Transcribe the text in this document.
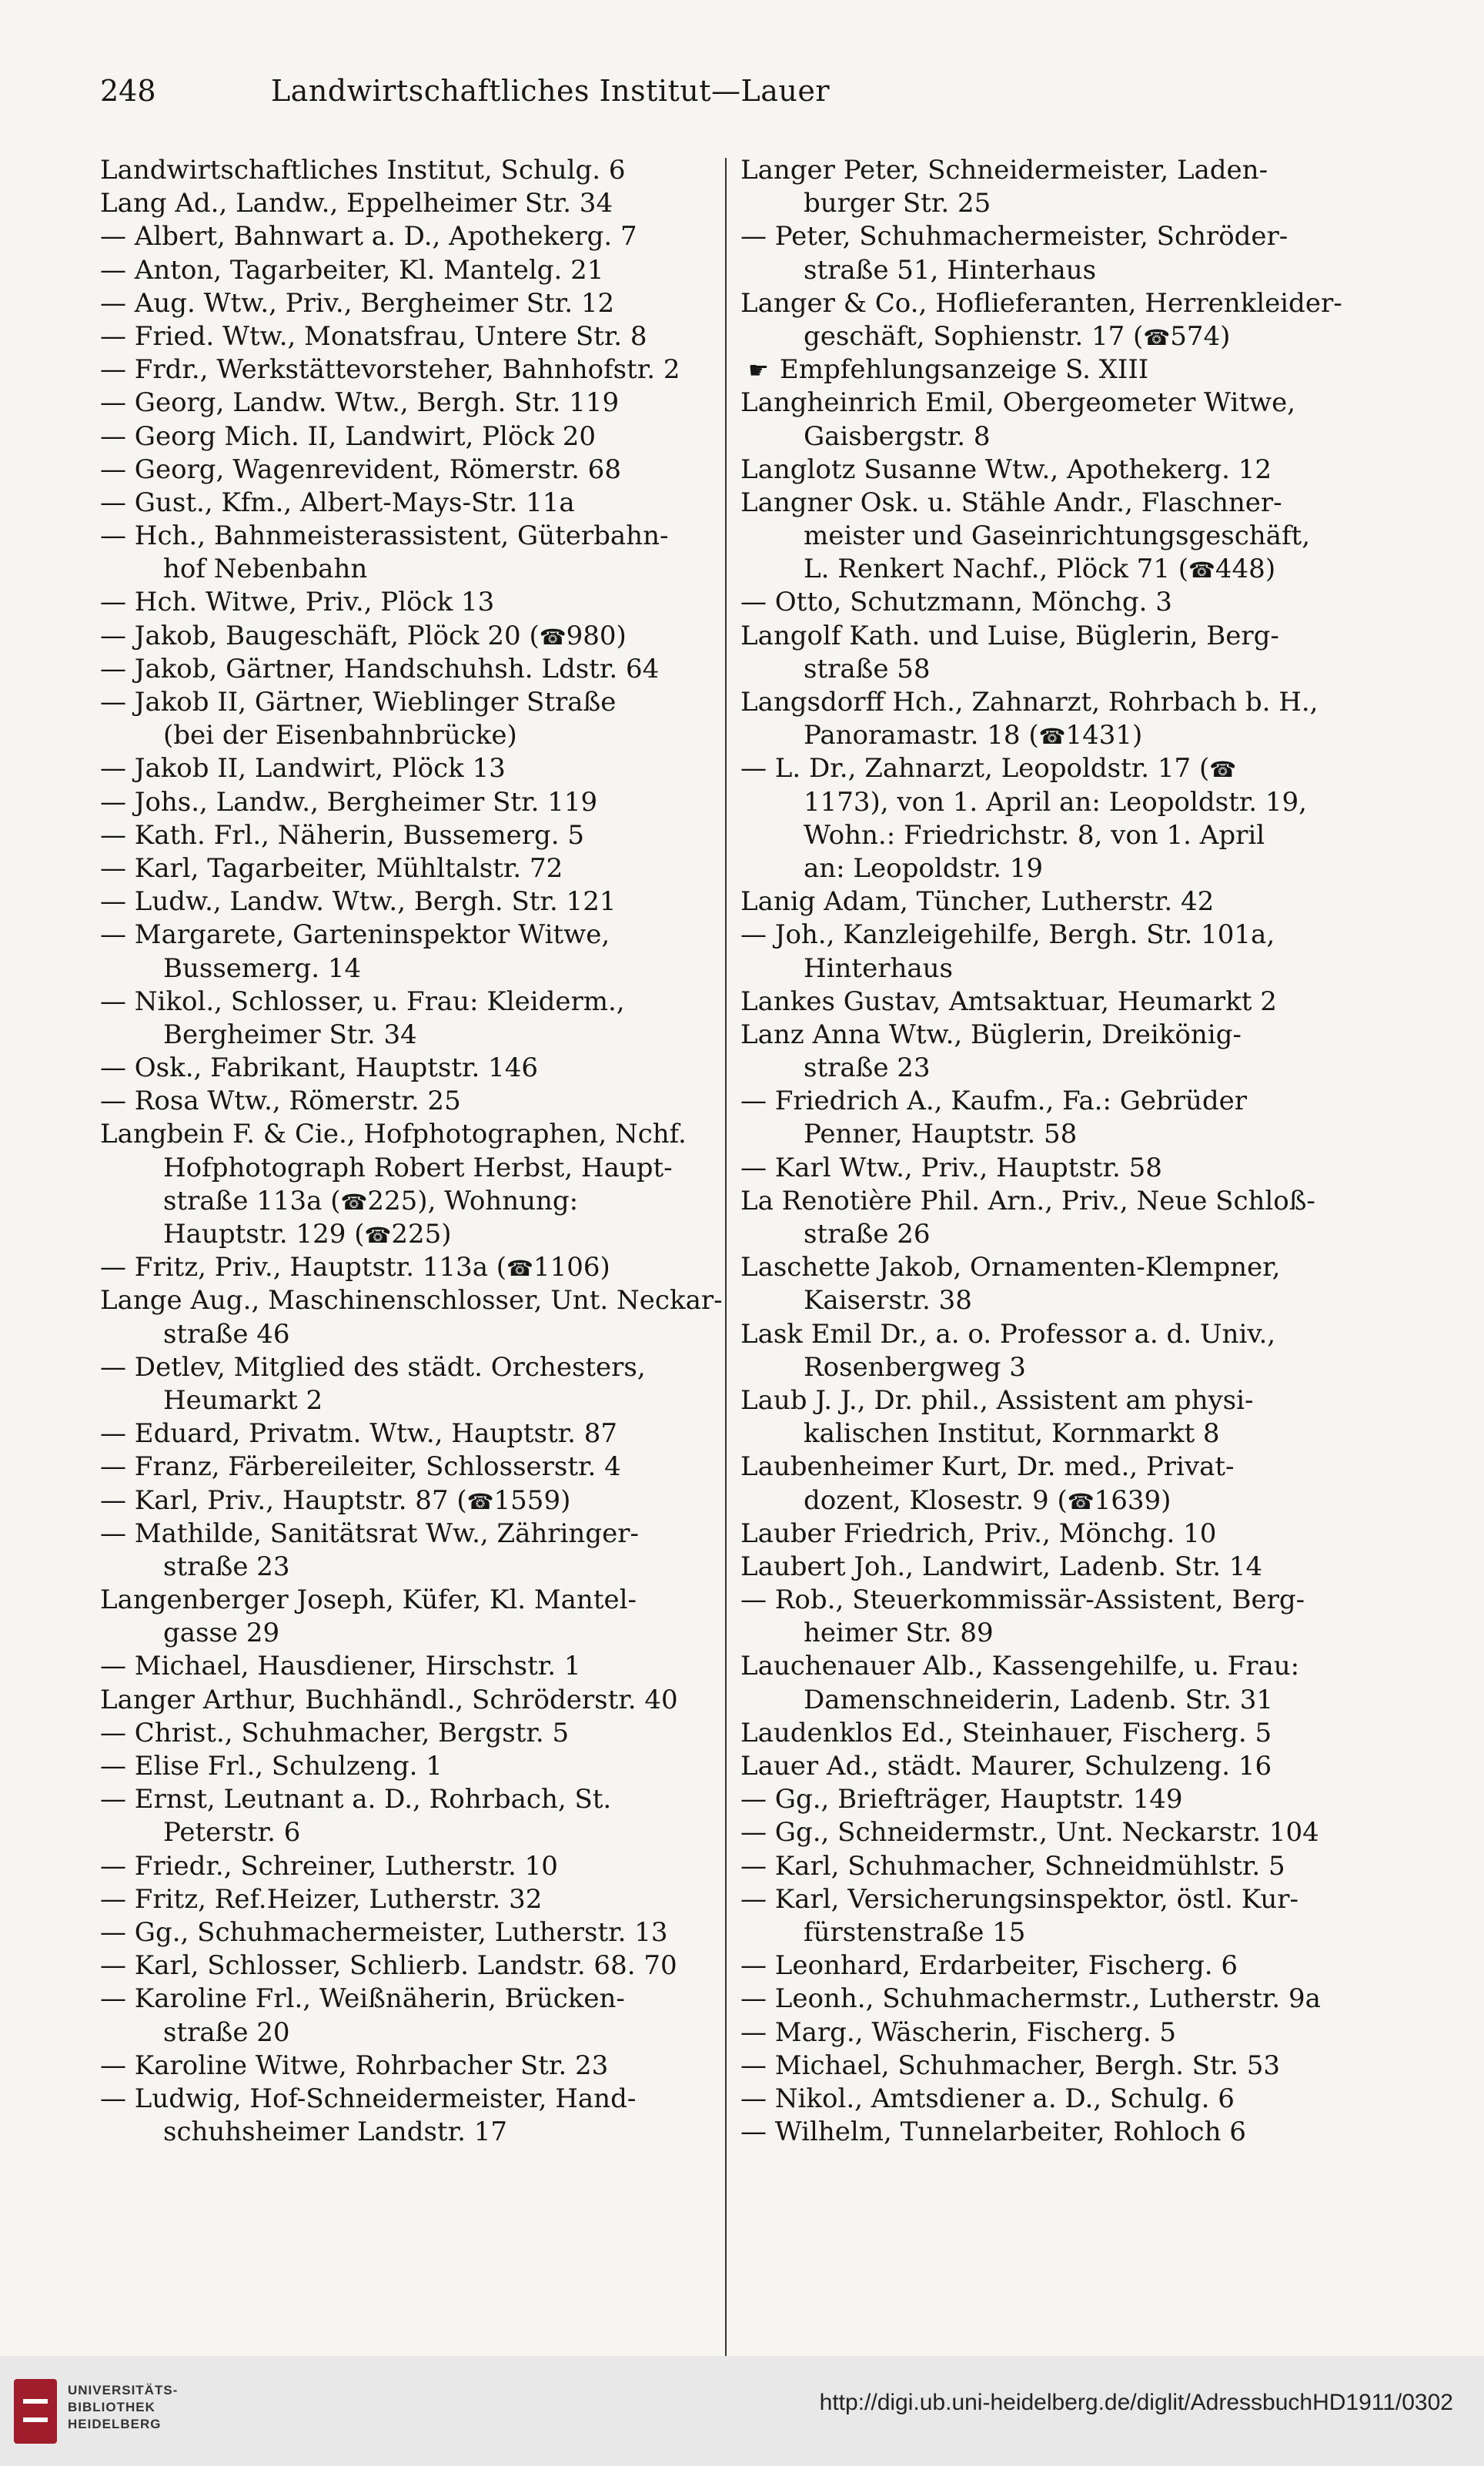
248	Landwirtschaftliches Institut—Lauer
Landwirtschaftliches Institut, Schulg. 6
Lang Ad., Landw., Eppelheimer Str. 34
— Albert, Bahnwart a. D., Apothekerg. 7
— Anton, Tagarbeiter, Kl. Mantelg. 21
— Aug. Wtw., Priv., Bergheimer Str. 12
— Fried. Wtw., Monatsfrau, Untere Str. 8
— Frdr., Werkstättevorsteher, Bahnhofstr. 2
— Georg, Landw. Wtw., Bergh. Str. 119
— Georg Mich. II, Landwirt, Plöck 20
— Georg, Wagenrevident, Römerstr. 68
— Gust., Kfm., Albert-Mays-Str. 11a
— Hch., Bahnmeisterassistent, Güterbahn-
hof Nebenbahn
— Hch. Witwe, Priv., Plöck 13
— Jakob, Baugeschäft, Plöck 20 (☎980)
— Jakob, Gärtner, Handschuhsh. Ldstr. 64
— Jakob II, Gärtner, Wieblinger Straße
(bei der Eisenbahnbrücke)
— Jakob II, Landwirt, Plöck 13
— Johs., Landw., Bergheimer Str. 119
— Kath. Frl., Näherin, Bussemerg. 5
— Karl, Tagarbeiter, Mühltalstr. 72
— Ludw., Landw. Wtw., Bergh. Str. 121
— Margarete, Garteninspektor Witwe,
Bussemerg. 14
— Nikol., Schlosser, u. Frau: Kleiderm.,
Bergheimer Str. 34
— Osk., Fabrikant, Hauptstr. 146
— Rosa Wtw., Römerstr. 25
Langbein F. & Cie., Hofphotographen, Nchf.
Hofphotograph Robert Herbst, Haupt-
straße 113a (☎225), Wohnung:
Hauptstr. 129 (☎225)
— Fritz, Priv., Hauptstr. 113a (☎1106)
Lange Aug., Maschinenschlosser, Unt. Neckar-
straße 46
— Detlev, Mitglied des städt. Orchesters,
Heumarkt 2
— Eduard, Privatm. Wtw., Hauptstr. 87
— Franz, Färbereileiter, Schlosserstr. 4
— Karl, Priv., Hauptstr. 87 (☎1559)
— Mathilde, Sanitätsrat Ww., Zähringer-
straße 23
Langenberger Joseph, Küfer, Kl. Mantel-
gasse 29
— Michael, Hausdiener, Hirschstr. 1
Langer Arthur, Buchhändl., Schröderstr. 40
— Christ., Schuhmacher, Bergstr. 5
— Elise Frl., Schulzeng. 1
— Ernst, Leutnant a. D., Rohrbach, St.
Peterstr. 6
— Friedr., Schreiner, Lutherstr. 10
— Fritz, Ref.Heizer, Lutherstr. 32
— Gg., Schuhmachermeister, Lutherstr. 13
— Karl, Schlosser, Schlierb. Landstr. 68. 70
— Karoline Frl., Weißnäherin, Brücken-
straße 20
— Karoline Witwe, Rohrbacher Str. 23
— Ludwig, Hof-Schneidermeister, Hand-
schuhsheimer Landstr. 17
Langer Peter, Schneidermeister, Laden-
burger Str. 25
— Peter, Schuhmachermeister, Schröder-
straße 51, Hinterhaus
Langer & Co., Hoflieferanten, Herrenkleider-
geschäft, Sophienstr. 17 (☎574)
☛ Empfehlungsanzeige S. XIII
Langheinrich Emil, Obergeometer Witwe,
Gaisbergstr. 8
Langlotz Susanne Wtw., Apothekerg. 12
Langner Osk. u. Stähle Andr., Flaschner-
meister und Gaseinrichtungsgeschäft,
L. Renkert Nachf., Plöck 71 (☎448)
— Otto, Schutzmann, Mönchg. 3
Langolf Kath. und Luise, Büglerin, Berg-
straße 58
Langsdorff Hch., Zahnarzt, Rohrbach b. H.,
Panoramastr. 18 (☎1431)
— L. Dr., Zahnarzt, Leopoldstr. 17 (☎
1173), von 1. April an: Leopoldstr. 19,
Wohn.: Friedrichstr. 8, von 1. April
an: Leopoldstr. 19
Lanig Adam, Tüncher, Lutherstr. 42
— Joh., Kanzleigehilfe, Bergh. Str. 101a,
Hinterhaus
Lankes Gustav, Amtsaktuar, Heumarkt 2
Lanz Anna Wtw., Büglerin, Dreikönig-
straße 23
— Friedrich A., Kaufm., Fa.: Gebrüder
Penner, Hauptstr. 58
— Karl Wtw., Priv., Hauptstr. 58
La Renotière Phil. Arn., Priv., Neue Schloß-
straße 26
Laschette Jakob, Ornamenten-Klempner,
Kaiserstr. 38
Lask Emil Dr., a. o. Professor a. d. Univ.,
Rosenbergweg 3
Laub J. J., Dr. phil., Assistent am physi-
kalischen Institut, Kornmarkt 8
Laubenheimer Kurt, Dr. med., Privat-
dozent, Klosestr. 9 (☎1639)
Lauber Friedrich, Priv., Mönchg. 10
Laubert Joh., Landwirt, Ladenb. Str. 14
— Rob., Steuerkommissär-Assistent, Berg-
heimer Str. 89
Lauchenauer Alb., Kassengehilfe, u. Frau:
Damenschneiderin, Ladenb. Str. 31
Laudenklos Ed., Steinhauer, Fischerg. 5
Lauer Ad., städt. Maurer, Schulzeng. 16
— Gg., Briefträger, Hauptstr. 149
— Gg., Schneidermstr., Unt. Neckarstr. 104
— Karl, Schuhmacher, Schneidmühlstr. 5
— Karl, Versicherungsinspektor, östl. Kur-
fürstenstraße 15
— Leonhard, Erdarbeiter, Fischerg. 6
— Leonh., Schuhmachermstr., Lutherstr. 9a
— Marg., Wäscherin, Fischerg. 5
— Michael, Schuhmacher, Bergh. Str. 53
— Nikol., Amtsdiener a. D., Schulg. 6
— Wilhelm, Tunnelarbeiter, Rohloch 6
UNIVERSITÄTS-
BIBLIOTHEK
HEIDELBERG
http://digi.ub.uni-heidelberg.de/diglit/AdressbuchHD1911/0302
